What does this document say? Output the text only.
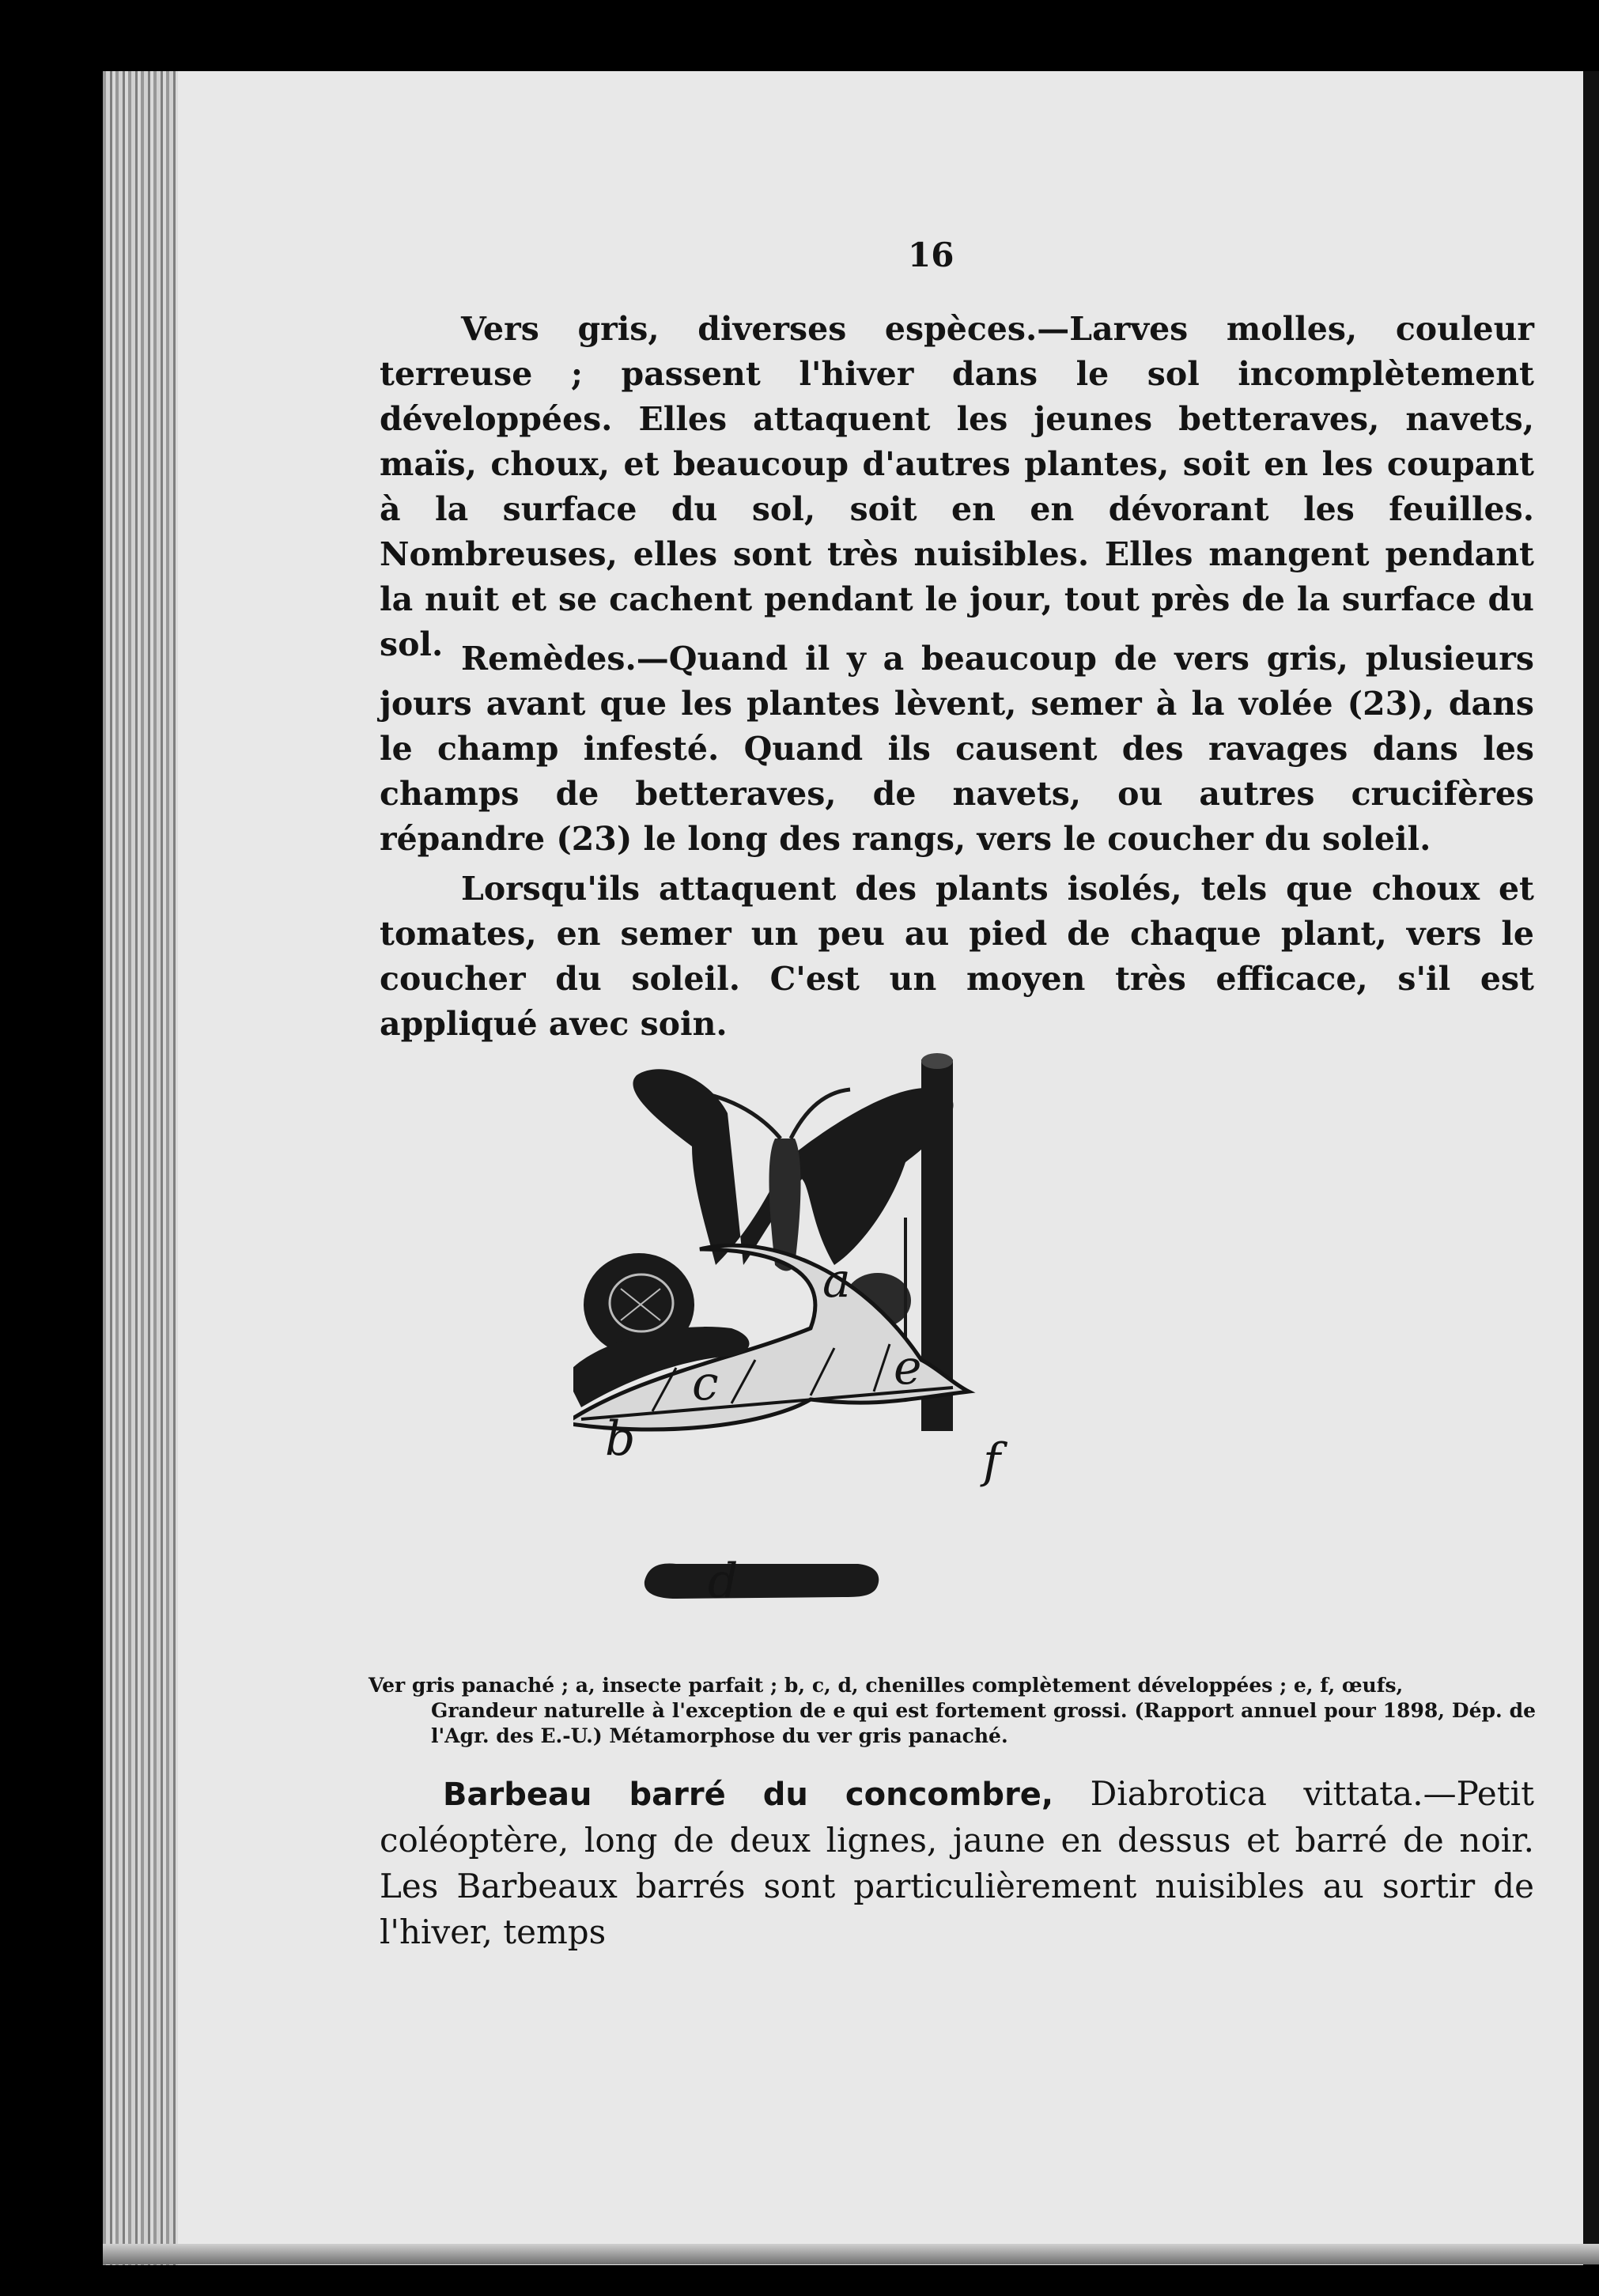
16

Vers gris, diverses espèces.—Larves molles, couleur terreuse ; passent l'hiver dans le sol incomplètement développées. Elles attaquent les jeunes betteraves, navets, maïs, choux, et beaucoup d'autres plantes, soit en les coupant à la surface du sol, soit en en dévorant les feuilles. Nombreuses, elles sont très nuisibles. Elles mangent pendant la nuit et se cachent pendant le jour, tout près de la surface du sol. Remèdes.—Quand il y a beaucoup de vers gris, plusieurs jours avant que les plantes lèvent, semer à la volée (23), dans le champ infesté. Quand ils causent des ravages dans les champs de betteraves, de navets, ou autres crucifères répandre (23) le long des rangs, vers le coucher du soleil.

Lorsqu'ils attaquent des plants isolés, tels que choux et tomates, en semer un peu au pied de chaque plant, vers le coucher du soleil. C'est un moyen très efficace, s'il est appliqué avec soin.

a
b
c
d
e
f
Ver gris panaché ; a, insecte parfait ; b, c, d, chenilles complètement développées ; e, f, œufs,
Grandeur naturelle à l'exception de e qui est fortement grossi. (Rapport annuel pour 1898, Dép. de l'Agr. des E.-U.) Métamorphose du ver gris panaché.

Barbeau barré du concombre, Diabrotica vittata.—Petit coléoptère, long de deux lignes, jaune en dessus et barré de noir. Les Barbeaux barrés sont particulièrement nuisibles au sortir de l'hiver, temps
